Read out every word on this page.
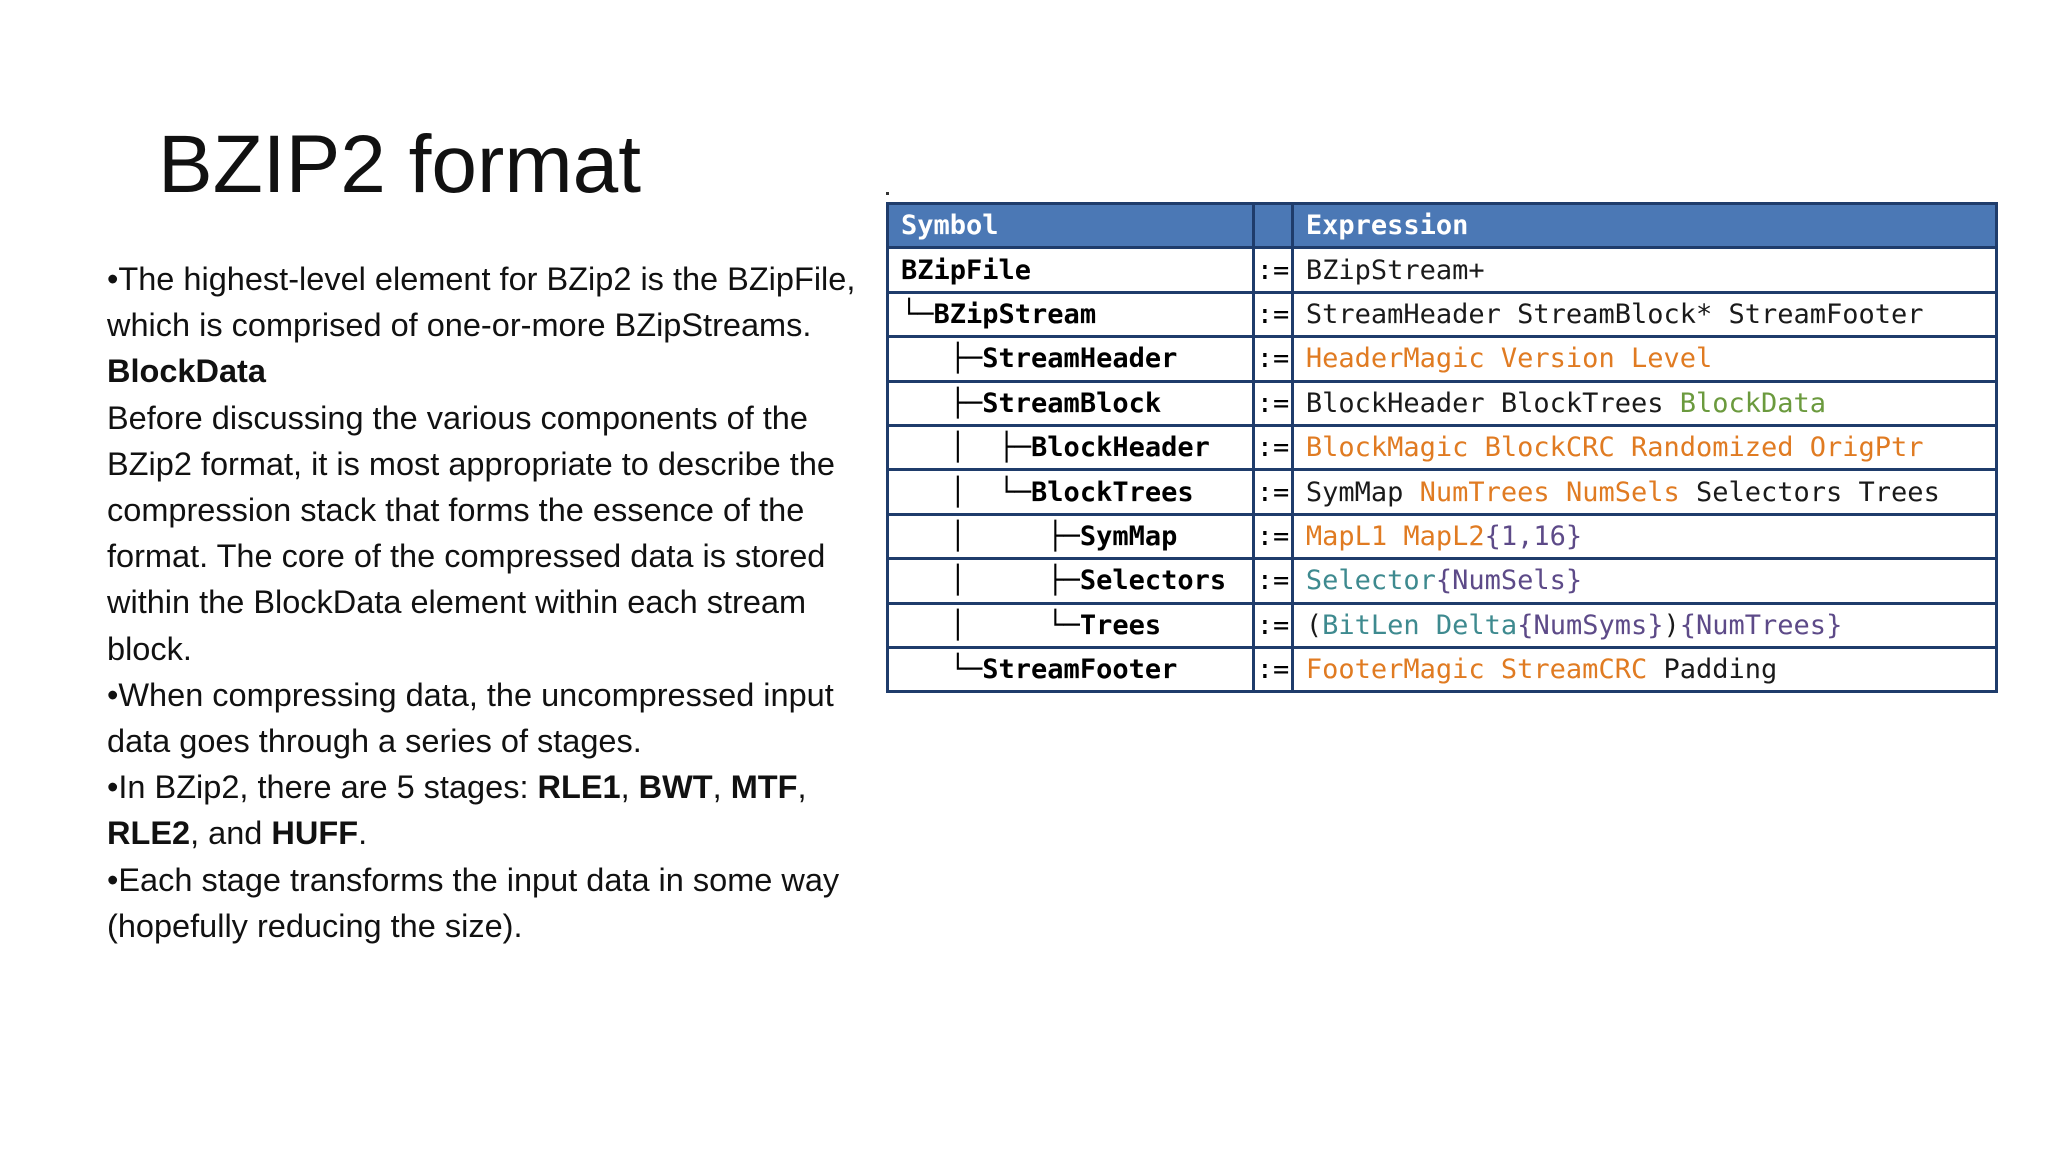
BZIP2 format

•The highest-level element for BZip2 is the BZipFile, which is comprised of one-or-more BZipStreams.

BlockData

Before discussing the various components of the BZip2 format, it is most appropriate to describe the compression stack that forms the essence of the format. The core of the compressed data is stored within the BlockData element within each stream block.

•When compressing data, the uncompressed input data goes through a series of stages.

•In BZip2, there are 5 stages: RLE1, BWT, MTF, RLE2, and HUFF.

•Each stage transforms the input data in some way (hopefully reducing the size).

Symbol		Expression
BZipFile	:=	BZipStream+
└─BZipStream	:=	StreamHeader StreamBlock* StreamFooter
├─StreamHeader	:=	HeaderMagic Version Level
├─StreamBlock	:=	BlockHeader BlockTrees BlockData
│  ├─BlockHeader	:=	BlockMagic BlockCRC Randomized OrigPtr
│  └─BlockTrees	:=	SymMap NumTrees NumSels Selectors Trees
│     ├─SymMap	:=	MapL1 MapL2{1,16}
│     ├─Selectors	:=	Selector{NumSels}
│     └─Trees	:=	(BitLen Delta{NumSyms}){NumTrees}
└─StreamFooter	:=	FooterMagic StreamCRC Padding
